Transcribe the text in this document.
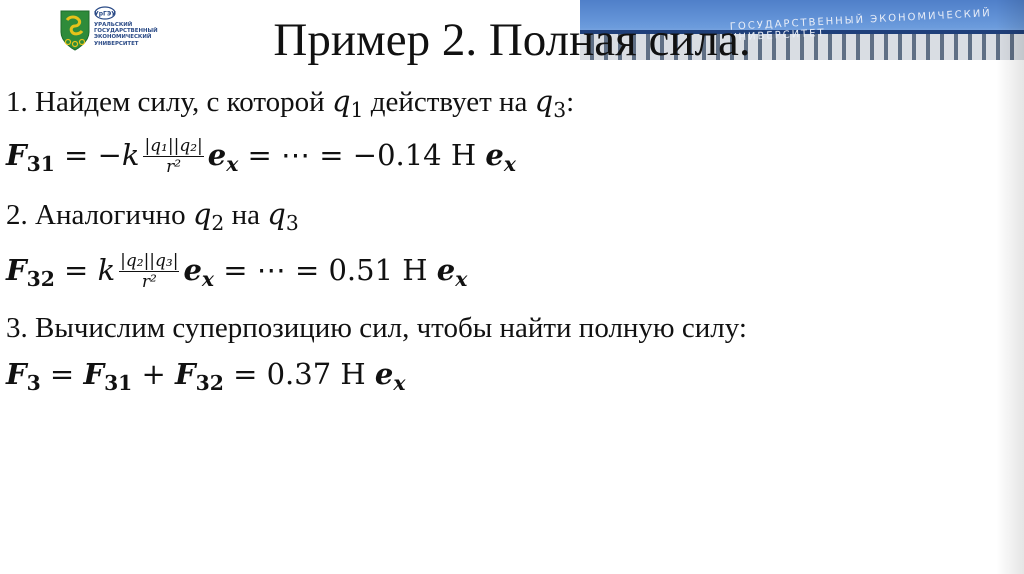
ГОСУДАРСТВЕННЫЙ ЭКОНОМИЧЕСКИЙ УНИВЕРСИТЕТ
УрГЭУ
УРАЛЬСКИЙ
ГОСУДАРСТВЕННЫЙ
ЭКОНОМИЧЕСКИЙ
УНИВЕРСИТЕТ	Пример 2. Полная сила.
1. Найдем силу, с которой $q_1$ действует на $q_3$:
$F_{31} = -k \frac{\text{|q₁||q₂|}}{\text{r²}} e_x$ = ⋯ = −0.14 Н $e_x$
2. Аналогично $q_2$ на $q_3$
$F_{32} = k \frac{\text{|q₂||q₃|}}{\text{r²}} e_x$ = ⋯ = 0.51 Н $e_x$
3. Вычислим суперпозицию сил, чтобы найти полную силу:
$F_3 = F_{31} + F_{32} = 0.37$ Н $e_x$
